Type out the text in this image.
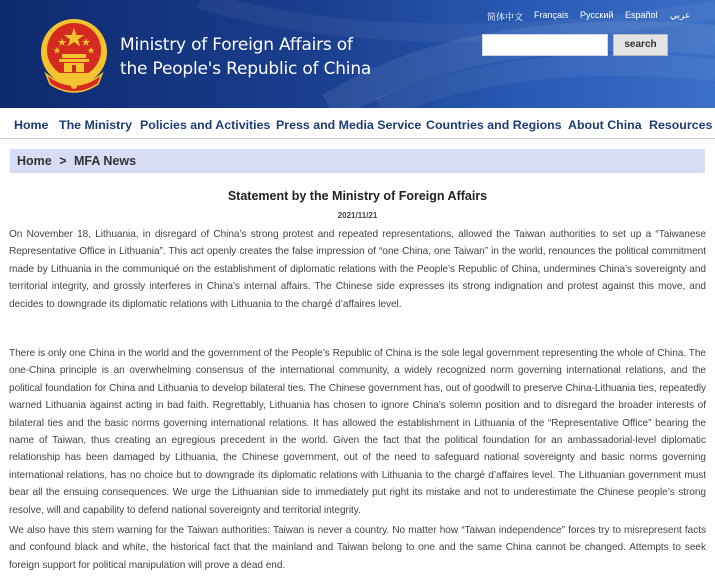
Ministry of Foreign Affairs of
the People's Republic of China
简体中文 Français Русский Español عربي
search
Home The Ministry Policies and Activities Press and Media Service Countries and Regions About China Resources
Home > MFA News
Statement by the Ministry of Foreign Affairs
2021/11/21

On November 18, Lithuania, in disregard of China’s strong protest and repeated representations, allowed the Taiwan authorities to set up a “Taiwanese Representative Office in Lithuania”. This act openly creates the false impression of “one China, one Taiwan” in the world, renounces the political commitment made by Lithuania in the communiqué on the establishment of diplomatic relations with the People’s Republic of China, undermines China’s sovereignty and territorial integrity, and grossly interferes in China’s internal affairs. The Chinese side expresses its strong indignation and protest against this move, and decides to downgrade its diplomatic relations with Lithuania to the chargé d’affaires level.

There is only one China in the world and the government of the People’s Republic of China is the sole legal government representing the whole of China. The one-China principle is an overwhelming consensus of the international community, a widely recognized norm governing international relations, and the political foundation for China and Lithuania to develop bilateral ties. The Chinese government has, out of goodwill to preserve China-Lithuania ties, repeatedly warned Lithuania against acting in bad faith. Regrettably, Lithuania has chosen to ignore China’s solemn position and to disregard the broader interests of bilateral ties and the basic norms governing international relations. It has allowed the establishment in Lithuania of the “Representative Office” bearing the name of Taiwan, thus creating an egregious precedent in the world. Given the fact that the political foundation for an ambassadorial-level diplomatic relationship has been damaged by Lithuania, the Chinese government, out of the need to safeguard national sovereignty and basic norms governing international relations, has no choice but to downgrade its diplomatic relations with Lithuania to the chargé d’affaires level. The Lithuanian government must bear all the ensuing consequences. We urge the Lithuanian side to immediately put right its mistake and not to underestimate the Chinese people’s strong resolve, will and capability to defend national sovereignty and territorial integrity.

We also have this stern warning for the Taiwan authorities: Taiwan is never a country. No matter how “Taiwan independence” forces try to misrepresent facts and confound black and white, the historical fact that the mainland and Taiwan belong to one and the same China cannot be changed. Attempts to seek foreign support for political manipulation will prove a dead end.
